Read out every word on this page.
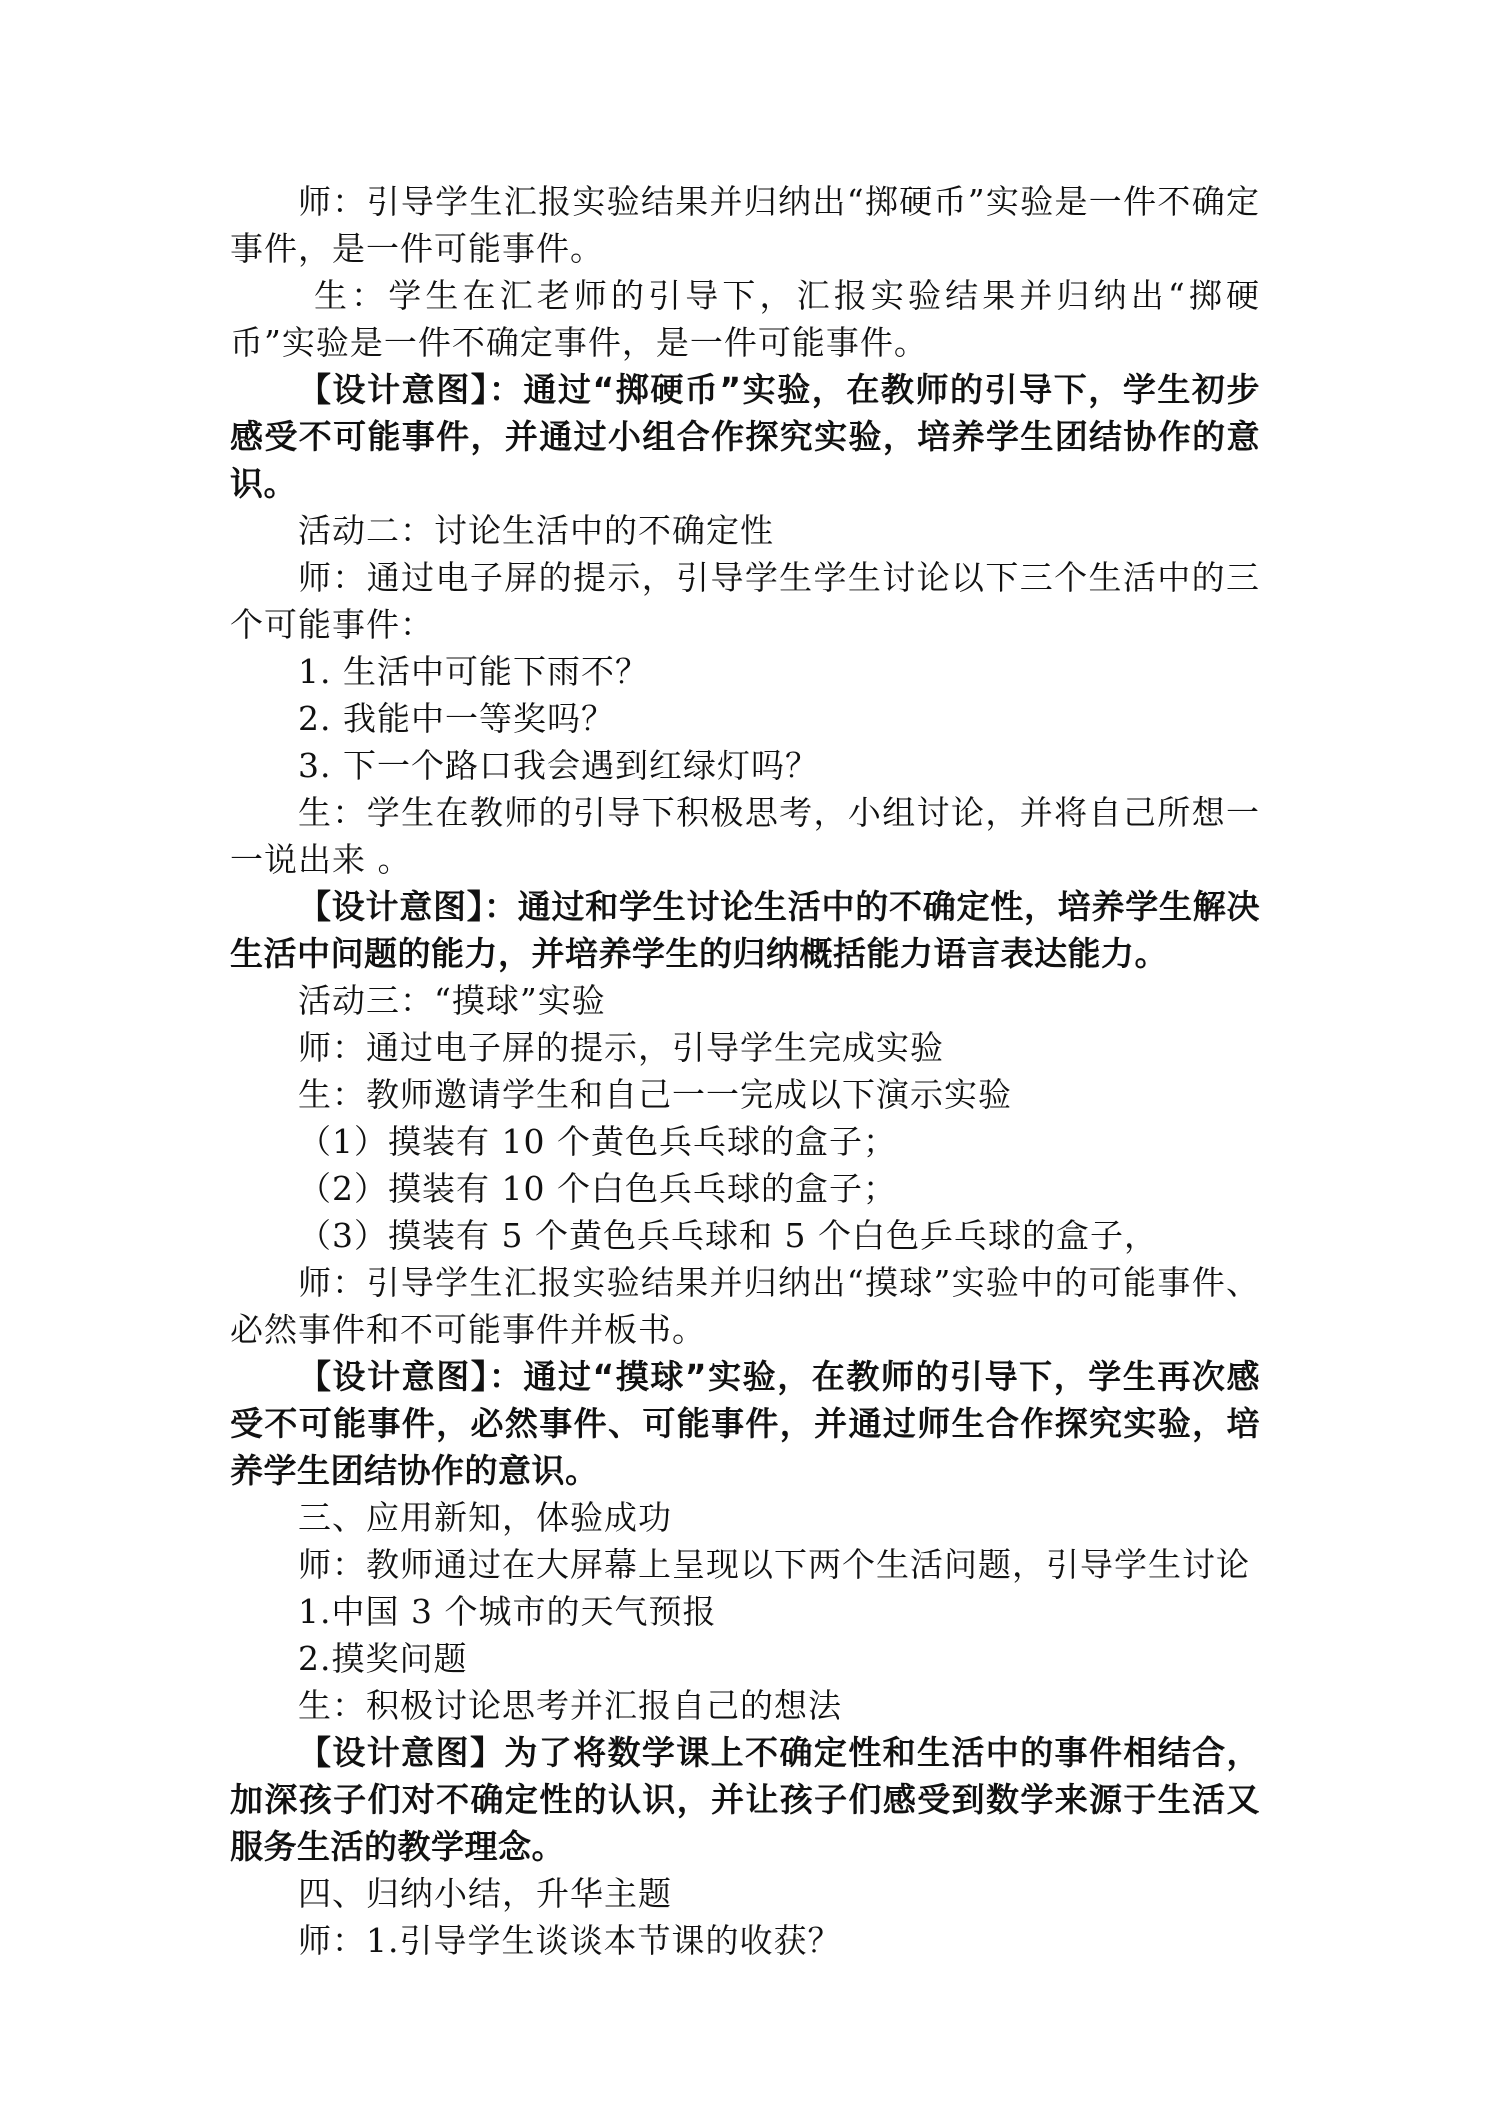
师：引导学生汇报实验结果并归纳出“掷硬币”实验是一件不确定事件，是一件可能事件。

生：学生在汇老师的引导下，汇报实验结果并归纳出“掷硬币”实验是一件不确定事件，是一件可能事件。

【设计意图】：通过“掷硬币”实验，在教师的引导下，学生初步感受不可能事件，并通过小组合作探究实验，培养学生团结协作的意识。

活动二：讨论生活中的不确定性

师：通过电子屏的提示，引导学生学生讨论以下三个生活中的三个可能事件：

1. 生活中可能下雨不？

2. 我能中一等奖吗？

3. 下一个路口我会遇到红绿灯吗？

生：学生在教师的引导下积极思考，小组讨论，并将自己所想一一说出来 。

【设计意图】：通过和学生讨论生活中的不确定性，培养学生解决生活中问题的能力，并培养学生的归纳概括能力语言表达能力。

活动三：“摸球”实验

师：通过电子屏的提示，引导学生完成实验

生：教师邀请学生和自己一一完成以下演示实验

（1）摸装有 10 个黄色兵乓球的盒子；

（2）摸装有 10 个白色兵乓球的盒子；

（3）摸装有 5 个黄色兵乓球和 5 个白色乒乓球的盒子，

师：引导学生汇报实验结果并归纳出“摸球”实验中的可能事件、必然事件和不可能事件并板书。

【设计意图】：通过“摸球”实验，在教师的引导下，学生再次感受不可能事件，必然事件、可能事件，并通过师生合作探究实验，培养学生团结协作的意识。

三、应用新知，体验成功

师：教师通过在大屏幕上呈现以下两个生活问题，引导学生讨论

1.中国 3 个城市的天气预报

2.摸奖问题

生：积极讨论思考并汇报自己的想法

【设计意图】为了将数学课上不确定性和生活中的事件相结合，加深孩子们对不确定性的认识，并让孩子们感受到数学来源于生活又服务生活的教学理念。

四、归纳小结，升华主题

师：1.引导学生谈谈本节课的收获？
